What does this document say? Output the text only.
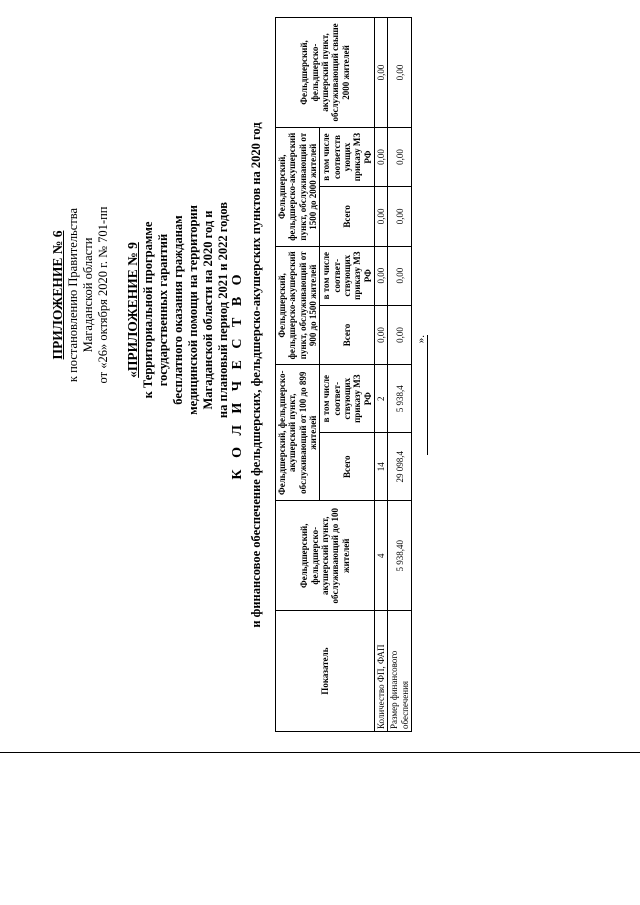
ПРИЛОЖЕНИЕ № 6 к постановлению Правительства Магаданской области от «26» октября 2020 г. № 701-пп «ПРИЛОЖЕНИЕ № 9 к Территориальной программе государственных гарантий бесплатного оказания гражданам медицинской помощи на территории Магаданской области на 2020 год и на плановый период 2021 и 2022 годов К О Л И Ч Е С Т В О и финансовое обеспечение фельдшерских, фельдшерско-акушерских пунктов на 2020 год
Показатель	Фельдшерский, фельдшерско-акушерский пункт, обслуживающий до 100 жителей	Фельдшерский, фельдшерско-акушерский пункт, обслуживающий от 100 до 899 жителей		Фельдшерский, фельдшерско-акушерский пункт, обслуживающий от 900 до 1500 жителей		Фельдшерский, фельдшерско-акушерский пункт, обслуживающий от 1500 до 2000 жителей		Фельдшерский, фельдшерско-акушерский пункт, обслуживающий свыше 2000 жителей
		Всего	в том числе соответ-ствующих приказу МЗ РФ	Всего	в том числе соответ-ствующих приказу МЗ РФ	Всего	в том числе соответств ующих приказу МЗ РФ	
Количество ФП, ФАП	4	14	2	0,00	0,00	0,00	0,00	0,00
Размер финансового обеспечения	5 938,40	29 098,4	5 938,4	0,00	0,00	0,00	0,00	0,00
».
